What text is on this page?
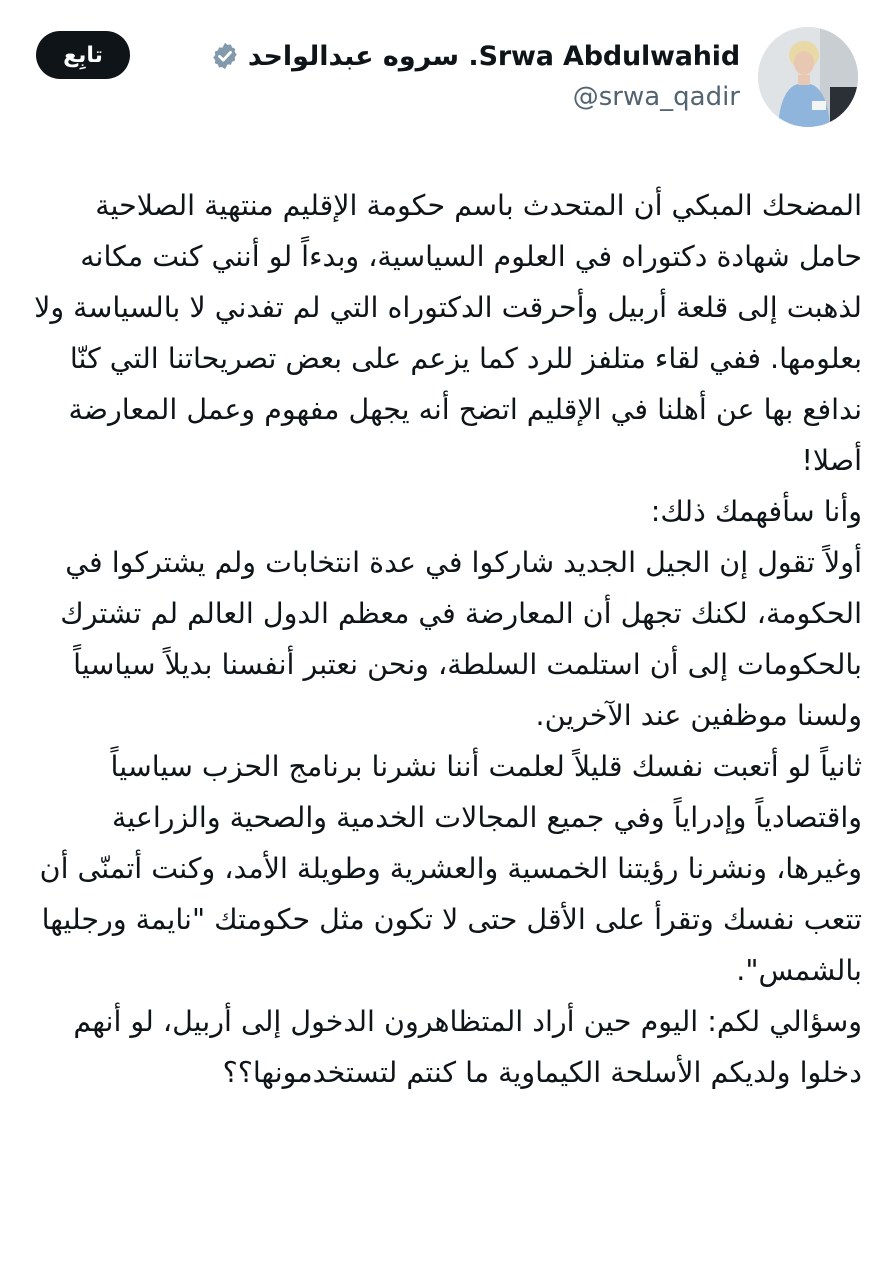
تابِع	سروه عبدالواحد .Srwa Abdulwahid
@srwa_qadir

المضحك المبكي أن المتحدث باسم حكومة الإقليم منتهية الصلاحية حامل شهادة دكتوراه في العلوم السياسية، وبدءاً لو أنني كنت مكانه لذهبت إلى قلعة أربيل وأحرقت الدكتوراه التي لم تفدني لا بالسياسة ولا بعلومها. ففي لقاء متلفز للرد كما يزعم على بعض تصريحاتنا التي كنّا ندافع بها عن أهلنا في الإقليم اتضح أنه يجهل مفهوم وعمل المعارضة أصلا!

وأنا سأفهمك ذلك:

أولاً تقول إن الجيل الجديد شاركوا في عدة انتخابات ولم يشتركوا في الحكومة، لكنك تجهل أن المعارضة في معظم الدول العالم لم تشترك بالحكومات إلى أن استلمت السلطة، ونحن نعتبر أنفسنا بديلاً سياسياً ولسنا موظفين عند الآخرين.

ثانياً لو أتعبت نفسك قليلاً لعلمت أننا نشرنا برنامج الحزب سياسياً واقتصادياً وإدراياً وفي جميع المجالات الخدمية والصحية والزراعية وغيرها، ونشرنا رؤيتنا الخمسية والعشرية وطويلة الأمد، وكنت أتمنّى أن تتعب نفسك وتقرأ على الأقل حتى لا تكون مثل حكومتك "نايمة ورجليها بالشمس".

وسؤالي لكم: اليوم حين أراد المتظاهرون الدخول إلى أربيل، لو أنهم دخلوا ولديكم الأسلحة الكيماوية ما كنتم لتستخدمونها؟؟
